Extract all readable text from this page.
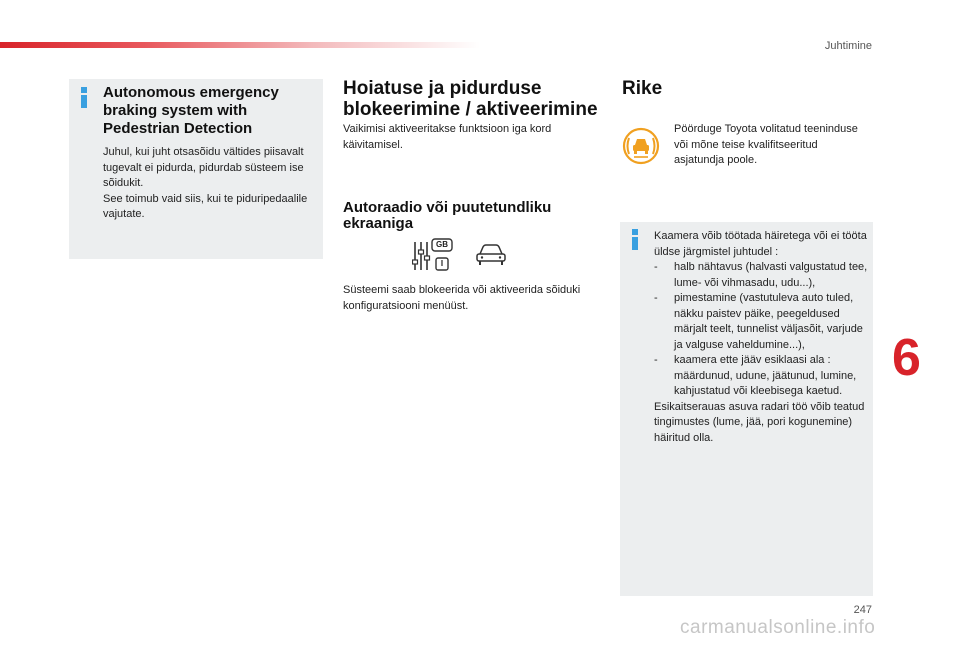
Juhtimine
Autonomous emergency braking system with Pedestrian Detection
Juhul, kui juht otsasõidu vältides piisavalt tugevalt ei pidurda, pidurdab süsteem ise sõidukit.
See toimub vaid siis, kui te piduripedaalile vajutate.
Hoiatuse ja pidurduse blokeerimine / aktiveerimine
Vaikimisi aktiveeritakse funktsioon iga kord käivitamisel.
Autoraadio või puutetundliku ekraaniga
GB
I
Süsteemi saab blokeerida või aktiveerida sõiduki konfiguratsiooni menüüst.
Rike
Pöörduge Toyota volitatud teeninduse või mõne teise kvalifitseeritud asjatundja poole.
Kaamera võib töötada häiretega või ei tööta üldse järgmistel juhtudel :
- halb nähtavus (halvasti valgustatud tee, lume- või vihmasadu, udu...),
- pimestamine (vastutuleva auto tuled, näkku paistev päike, peegeldused märjalt teelt, tunnelist väljasõit, varjude ja valguse vaheldumine...),
- kaamera ette jääv esiklaasi ala : määrdunud, udune, jäätunud, lumine, kahjustatud või kleebisega kaetud.
Esikaitserauas asuva radari töö võib teatud tingimustes (lume, jää, pori kogunemine) häiritud olla.
6
247
carmanualsonline.info
